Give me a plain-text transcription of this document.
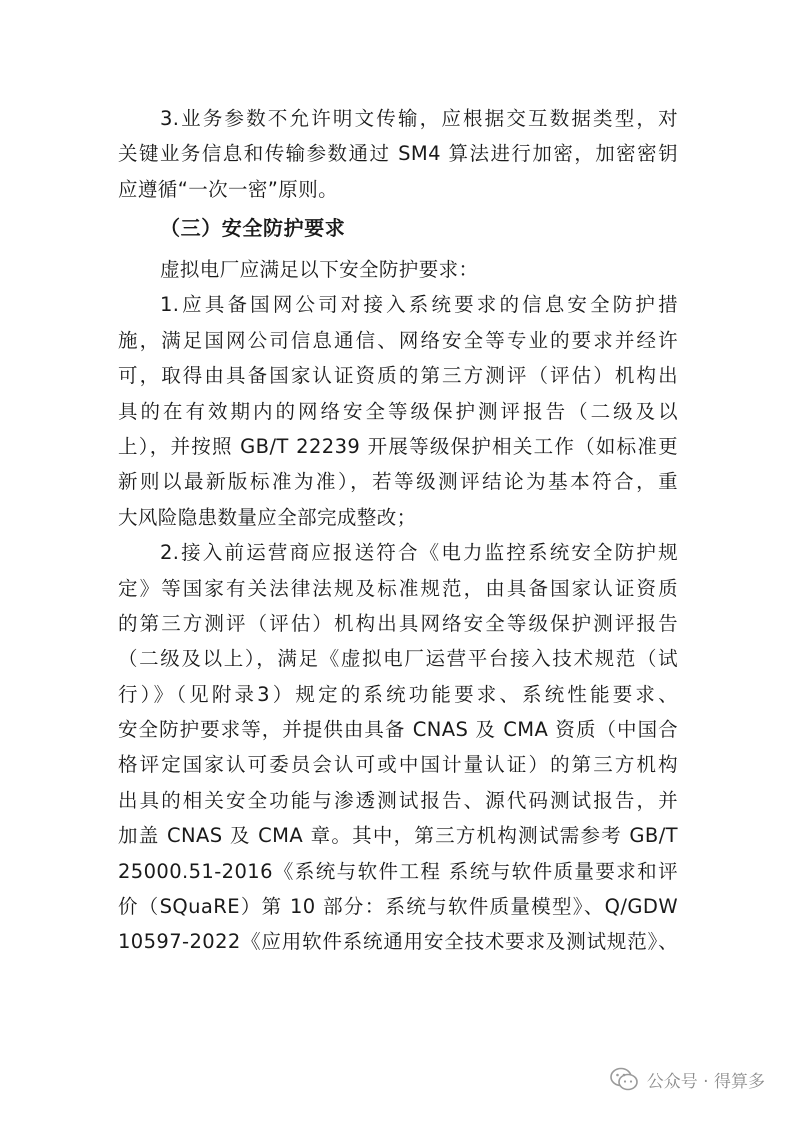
3.业务参数不允许明文传输，应根据交互数据类型，对
关键业务信息和传输参数通过 SM4 算法进行加密，加密密钥
应遵循“一次一密”原则。
（三）安全防护要求
虚拟电厂应满足以下安全防护要求：
1.应具备国网公司对接入系统要求的信息安全防护措
施，满足国网公司信息通信、网络安全等专业的要求并经许
可，取得由具备国家认证资质的第三方测评（评估）机构出
具的在有效期内的网络安全等级保护测评报告（二级及以
上），并按照 GB/T 22239 开展等级保护相关工作（如标准更
新则以最新版标准为准），若等级测评结论为基本符合，重
大风险隐患数量应全部完成整改；
2.接入前运营商应报送符合《电力监控系统安全防护规
定》等国家有关法律法规及标准规范，由具备国家认证资质
的第三方测评（评估）机构出具网络安全等级保护测评报告
（二级及以上），满足《虚拟电厂运营平台接入技术规范（试
行）》（见附录3）规定的系统功能要求、系统性能要求、
安全防护要求等，并提供由具备 CNAS 及 CMA 资质（中国合
格评定国家认可委员会认可或中国计量认证）的第三方机构
出具的相关安全功能与渗透测试报告、源代码测试报告，并
加盖 CNAS 及 CMA 章。其中，第三方机构测试需参考 GB/T
25000.51-2016《系统与软件工程 系统与软件质量要求和评
价（SQuaRE）第 10 部分：系统与软件质量模型》、Q/GDW
10597-2022《应用软件系统通用安全技术要求及测试规范》、
公众号 · 得算多
